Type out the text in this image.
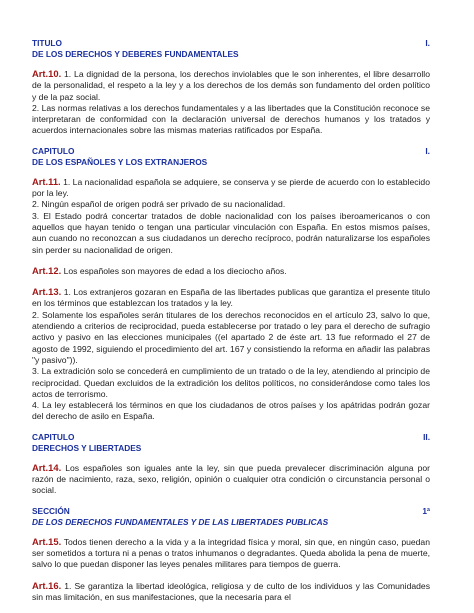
TITULO	I.
DE LOS DERECHOS Y DEBERES FUNDAMENTALES

Art.10. 1. La dignidad de la persona, los derechos inviolables que le son inherentes, el libre desarrollo de la personalidad, el respeto a la ley y a los derechos de los demás son fundamento del orden político y de la paz social.
2. Las normas relativas a los derechos fundamentales y a las libertades que la Constitución reconoce se interpretaran de conformidad con la declaración universal de derechos humanos y los tratados y acuerdos internacionales sobre las mismas materias ratificados por España.

CAPITULO	I.
DE LOS ESPAÑOLES Y LOS EXTRANJEROS

Art.11. 1. La nacionalidad española se adquiere, se conserva y se pierde de acuerdo con lo establecido por la ley.
2. Ningún español de origen podrá ser privado de su nacionalidad.
3. El Estado podrá concertar tratados de doble nacionalidad con los países iberoamericanos o con aquellos que hayan tenido o tengan una particular vinculación con España. En estos mismos países, aun cuando no reconozcan a sus ciudadanos un derecho recíproco, podrán naturalizarse los españoles sin perder su nacionalidad de origen.

Art.12. Los españoles son mayores de edad a los dieciocho años.

Art.13. 1. Los extranjeros gozaran en España de las libertades publicas que garantiza el presente titulo en los términos que establezcan los tratados y la ley.
2. Solamente los españoles serán titulares de los derechos reconocidos en el artículo 23, salvo lo que, atendiendo a criterios de reciprocidad, pueda establecerse por tratado o ley para el derecho de sufragio activo y pasivo en las elecciones municipales ((el apartado 2 de éste art. 13 fue reformado el 27 de agosto de 1992, siguiendo el procedimiento del art. 167 y consistiendo la reforma en añadir las palabras "y pasivo")).
3. La extradición solo se concederá en cumplimiento de un tratado o de la ley, atendiendo al principio de reciprocidad. Quedan excluidos de la extradición los delitos políticos, no considerándose como tales los actos de terrorismo.
4. La ley establecerá los términos en que los ciudadanos de otros países y los apátridas podrán gozar del derecho de asilo en España.

CAPITULO	II.
DERECHOS Y LIBERTADES

Art.14. Los españoles son iguales ante la ley, sin que pueda prevalecer discriminación alguna por razón de nacimiento, raza, sexo, religión, opinión o cualquier otra condición o circunstancia personal o social.

SECCIÓN	1ª
DE LOS DERECHOS FUNDAMENTALES Y DE LAS LIBERTADES PUBLICAS

Art.15. Todos tienen derecho a la vida y a la integridad física y moral, sin que, en ningún caso, puedan ser sometidos a tortura ni a penas o tratos inhumanos o degradantes. Queda abolida la pena de muerte, salvo lo que puedan disponer las leyes penales militares para tiempos de guerra.

Art.16. 1. Se garantiza la libertad ideológica, religiosa y de culto de los individuos y las Comunidades sin mas limitación, en sus manifestaciones, que la necesaria para el
